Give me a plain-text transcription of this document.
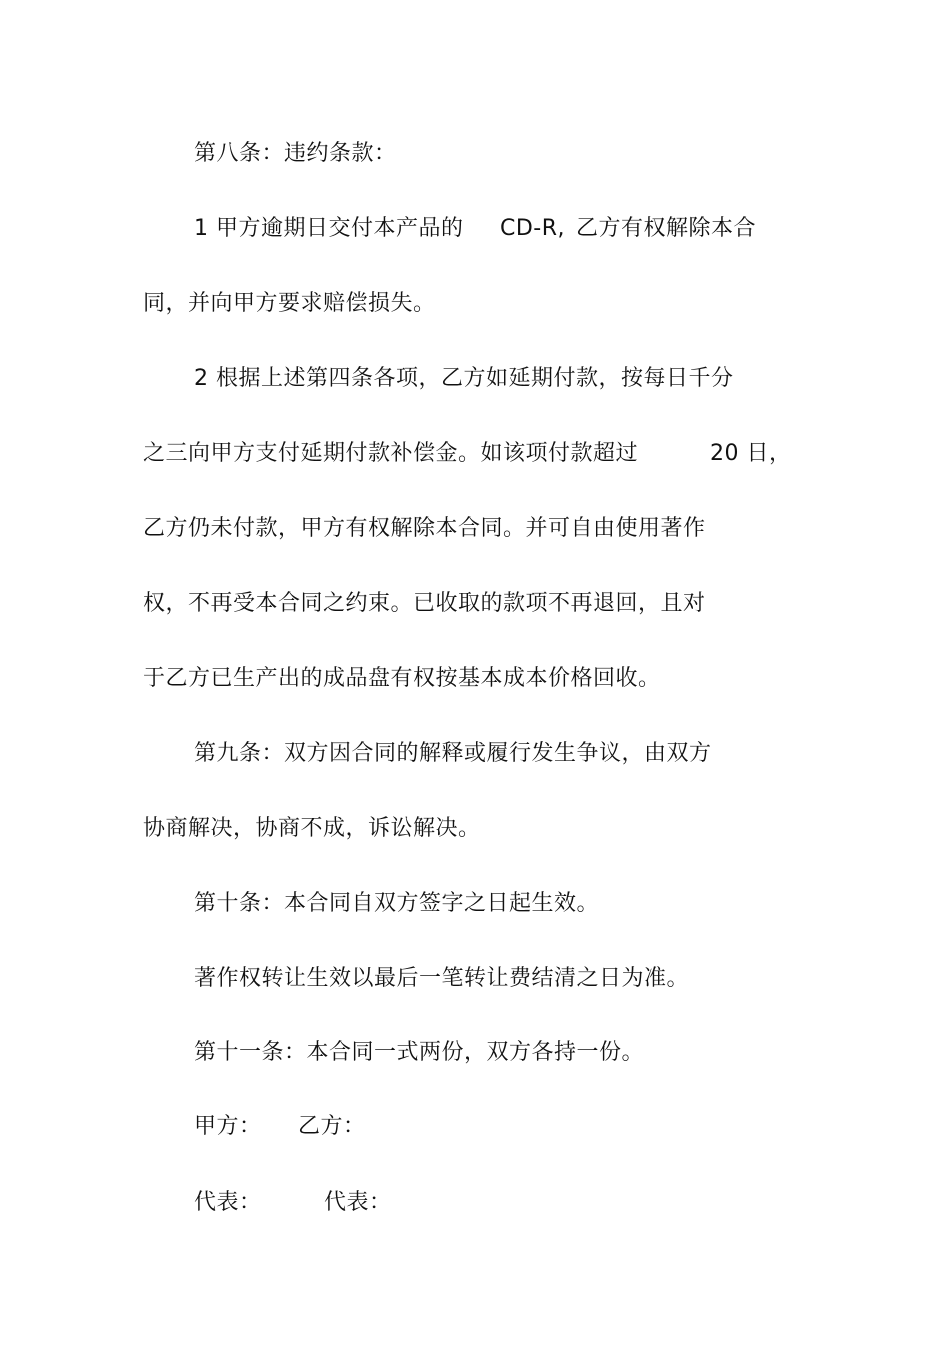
第八条：违约条款：
1 甲方逾期日交付本产品的 CD-R, 乙方有权解除本合
同，并向甲方要求赔偿损失。
2 根据上述第四条各项，乙方如延期付款，按每日千分
之三向甲方支付延期付款补偿金。如该项付款超过	20 日，
乙方仍未付款，甲方有权解除本合同。并可自由使用著作
权，不再受本合同之约束。已收取的款项不再退回，且对
于乙方已生产出的成品盘有权按基本成本价格回收。
第九条：双方因合同的解释或履行发生争议，由双方
协商解决，协商不成，诉讼解决。
第十条：本合同自双方签字之日起生效。
著作权转让生效以最后一笔转让费结清之日为准。
第十一条：本合同一式两份，双方各持一份。
甲方： 乙方：
代表：	代表：
